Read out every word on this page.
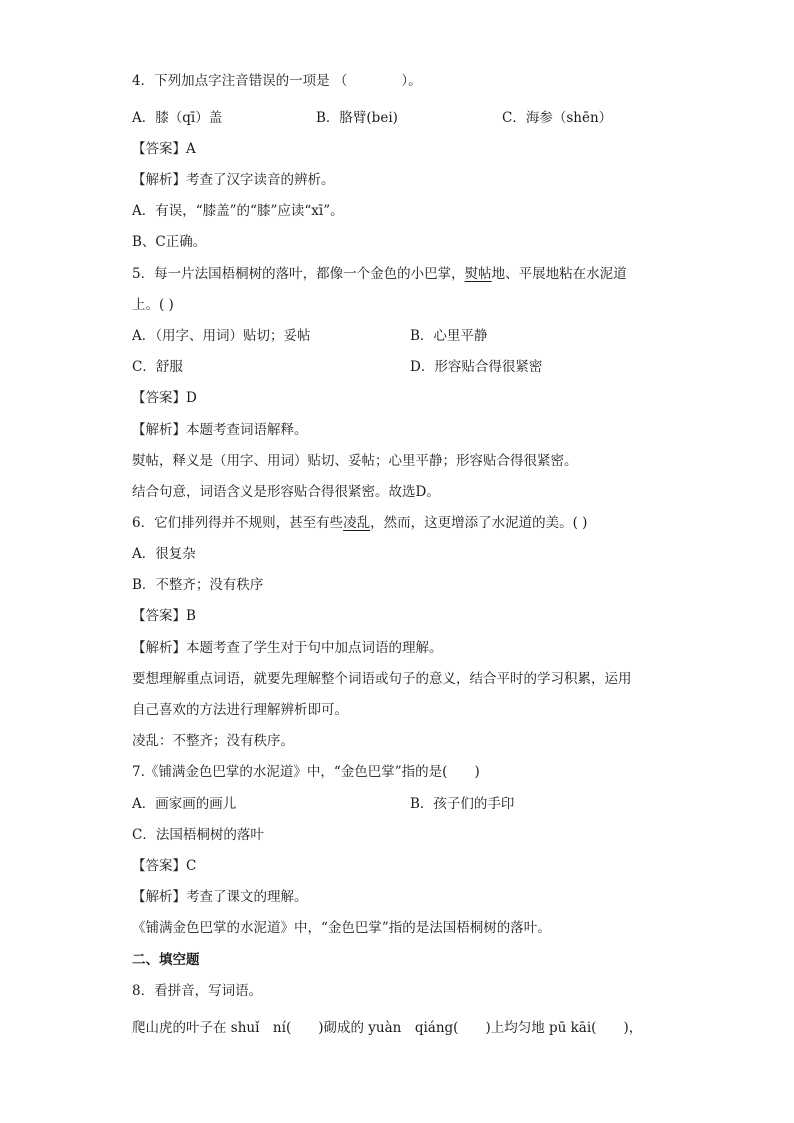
4．下列加点字注音错误的一项是 （	）。
A．膝（qī）盖	B．胳臂(bei)	C．海参（shēn）
【答案】A
【解析】考查了汉字读音的辨析。
A．有误，“膝盖”的“膝”应读“xī”。
B、C正确。
5．每一片法国梧桐树的落叶，都像一个金色的小巴掌，熨帖地、平展地粘在水泥道
上。( )
A．（用字、用词）贴切；妥帖	B．心里平静
C．舒服	D．形容贴合得很紧密
【答案】D
【解析】本题考查词语解释。
熨帖，释义是（用字、用词）贴切、妥帖；心里平静；形容贴合得很紧密。
结合句意，词语含义是形容贴合得很紧密。故选D。
6．它们排列得并不规则，甚至有些凌乱，然而，这更增添了水泥道的美。( )
A．很复杂
B．不整齐；没有秩序
【答案】B
【解析】本题考查了学生对于句中加点词语的理解。
要想理解重点词语，就要先理解整个词语或句子的意义，结合平时的学习积累，运用
自己喜欢的方法进行理解辨析即可。
凌乱：不整齐；没有秩序。
7.《铺满金色巴掌的水泥道》中，“金色巴掌”指的是(　　)
A．画家画的画儿	B．孩子们的手印
C．法国梧桐树的落叶
【答案】C
【解析】考查了课文的理解。
《铺满金色巴掌的水泥道》中，“金色巴掌”指的是法国梧桐树的落叶。
二、填空题
8．看拼音，写词语。
爬山虎的叶子在 shuǐ　ní(　　)砌成的 yuàn　qiáng(　　)上均匀地 pū kāi(　　)，
